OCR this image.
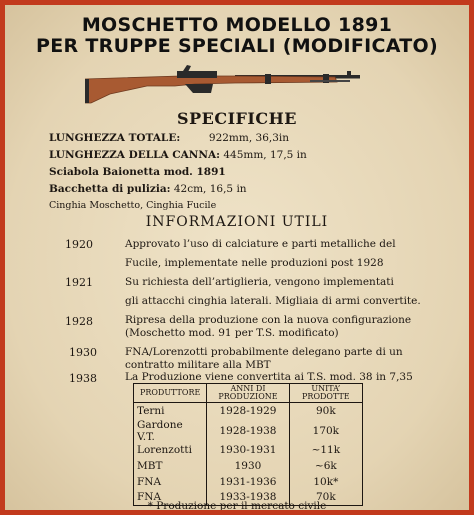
MOSCHETTO MODELLO 1891
PER TRUPPE SPECIALI (MODIFICATO)
SPECIFICHE
LUNGHEZZA TOTALE:	922mm, 36,3in
LUNGHEZZA DELLA CANNA: 445mm, 17,5 in
Sciabola Baionetta mod. 1891
Bacchetta di pulizia: 42cm, 16,5 in
Cinghia Moschetto, Cinghia Fucile
INFORMAZIONI UTILI
1920	Approvato l’uso di calciature e parti metalliche del
Fucile, implementate nelle produzioni post 1928
1921	Su richiesta dell’artiglieria, vengono implementati
gli attacchi cinghia laterali. Migliaia di armi convertite.
1928	Ripresa della produzione con la nuova configurazione
(Moschetto mod. 91 per T.S. modificato)
1930	FNA/Lorenzotti probabilmente delegano parte di un
contratto militare alla MBT
1938	La Produzione viene convertita ai T.S. mod. 38 in 7,35
PRODUTTORE	ANNI DI PRODUZIONE	UNITA’ PRODOTTE
Terni	1928-1929	90k
Gardone V.T.	1928-1938	170k
Lorenzotti	1930-1931	~11k
MBT	1930	~6k
FNA	1931-1936	10k*
FNA	1933-1938	70k
* Produzione per il mercato civile
